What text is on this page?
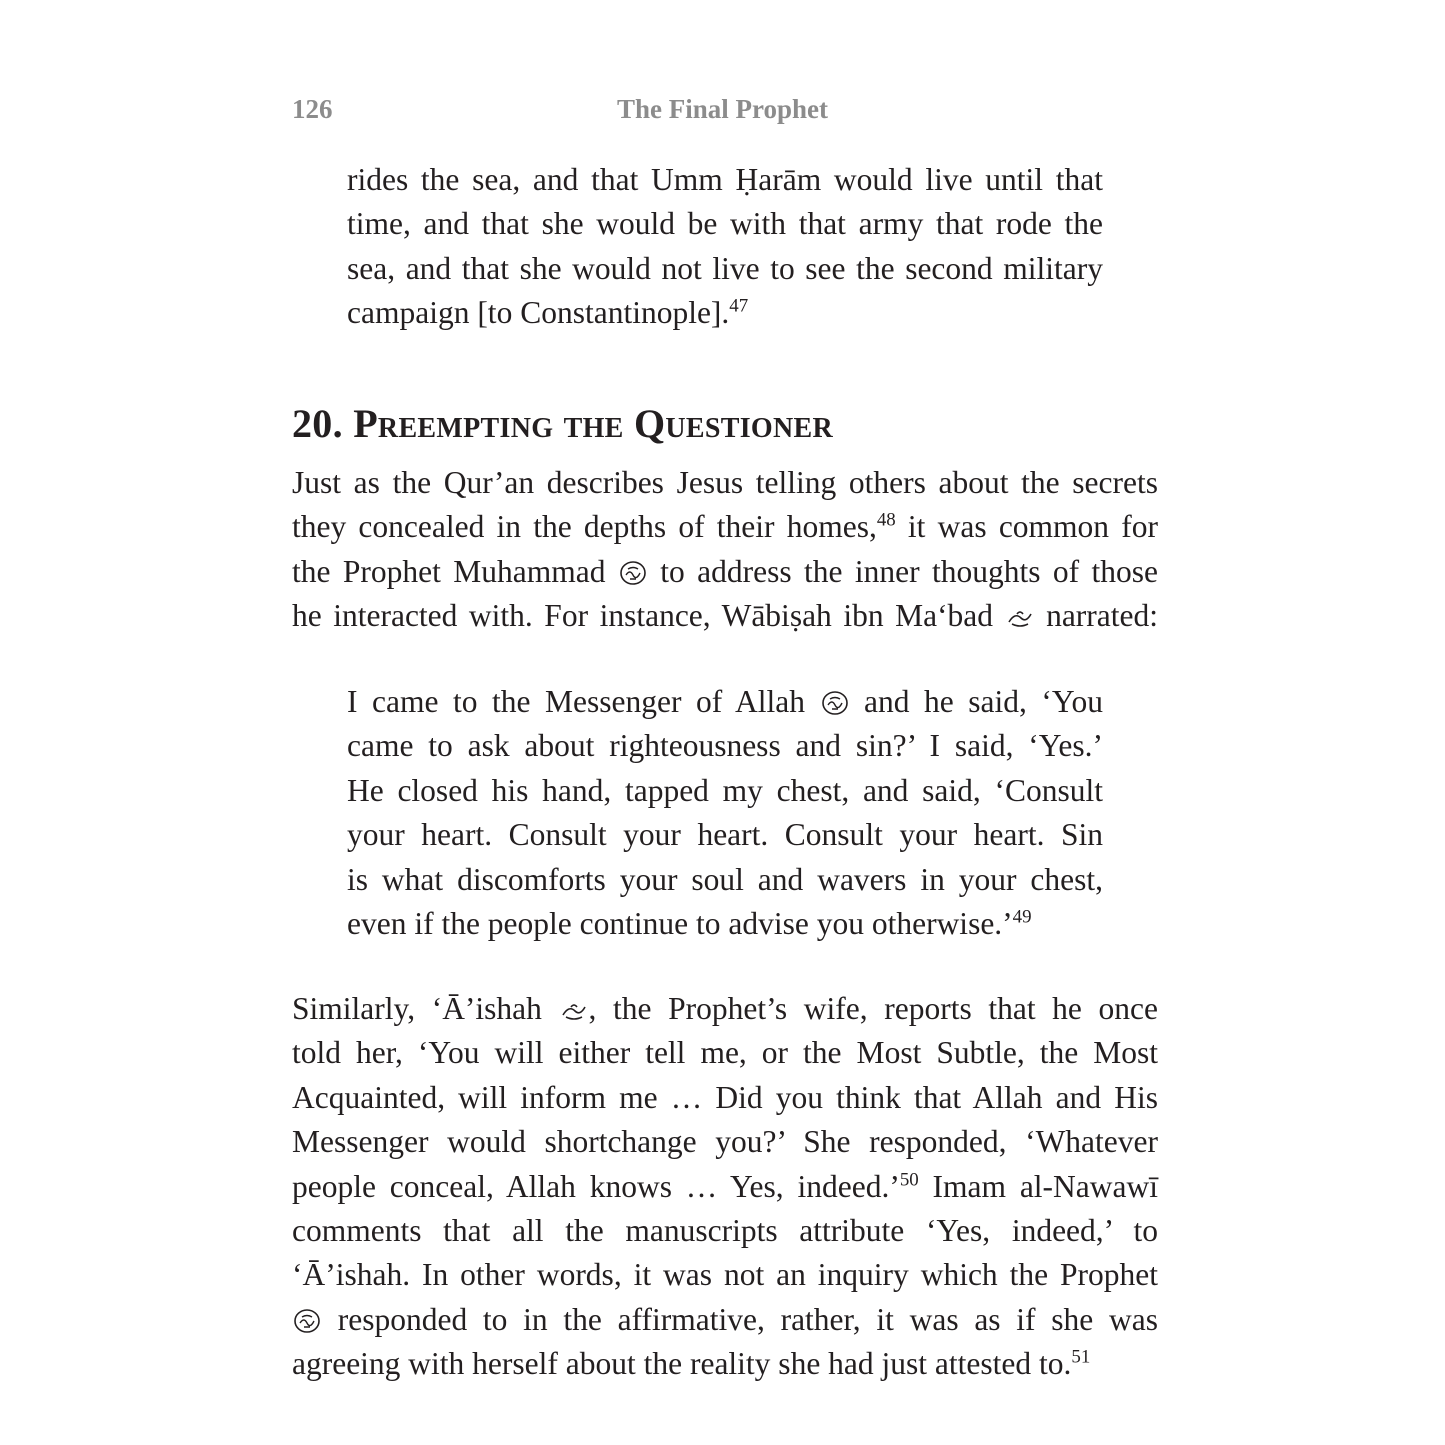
126	The Final Prophet
rides the sea, and that Umm Ḥarām would live until that
time, and that she would be with that army that rode the
sea, and that she would not live to see the second military
campaign [to Constantinople].$^{47}$
20. Preempting the Questioner
Just as the Qur’an describes Jesus telling others about the secrets
they concealed in the depths of their homes,$^{48}$ it was common for
the Prophet Muhammad  to address the inner thoughts of those
he interacted with. For instance, Wābiṣah ibn Ma‘bad  narrated:
I came to the Messenger of Allah  and he said, ‘You
came to ask about righteousness and sin?’ I said, ‘Yes.’
He closed his hand, tapped my chest, and said, ‘Consult
your heart. Consult your heart. Consult your heart. Sin
is what discomforts your soul and wavers in your chest,
even if the people continue to advise you otherwise.’$^{49}$
Similarly, ‘Ā’ishah , the Prophet’s wife, reports that he once
told her, ‘You will either tell me, or the Most Subtle, the Most
Acquainted, will inform me … Did you think that Allah and His
Messenger would shortchange you?’ She responded, ‘Whatever
people conceal, Allah knows … Yes, indeed.’$^{50}$ Imam al-Nawawī
comments that all the manuscripts attribute ‘Yes, indeed,’ to
‘Ā’ishah. In other words, it was not an inquiry which the Prophet
responded to in the affirmative, rather, it was as if she was
agreeing with herself about the reality she had just attested to.$^{51}$
